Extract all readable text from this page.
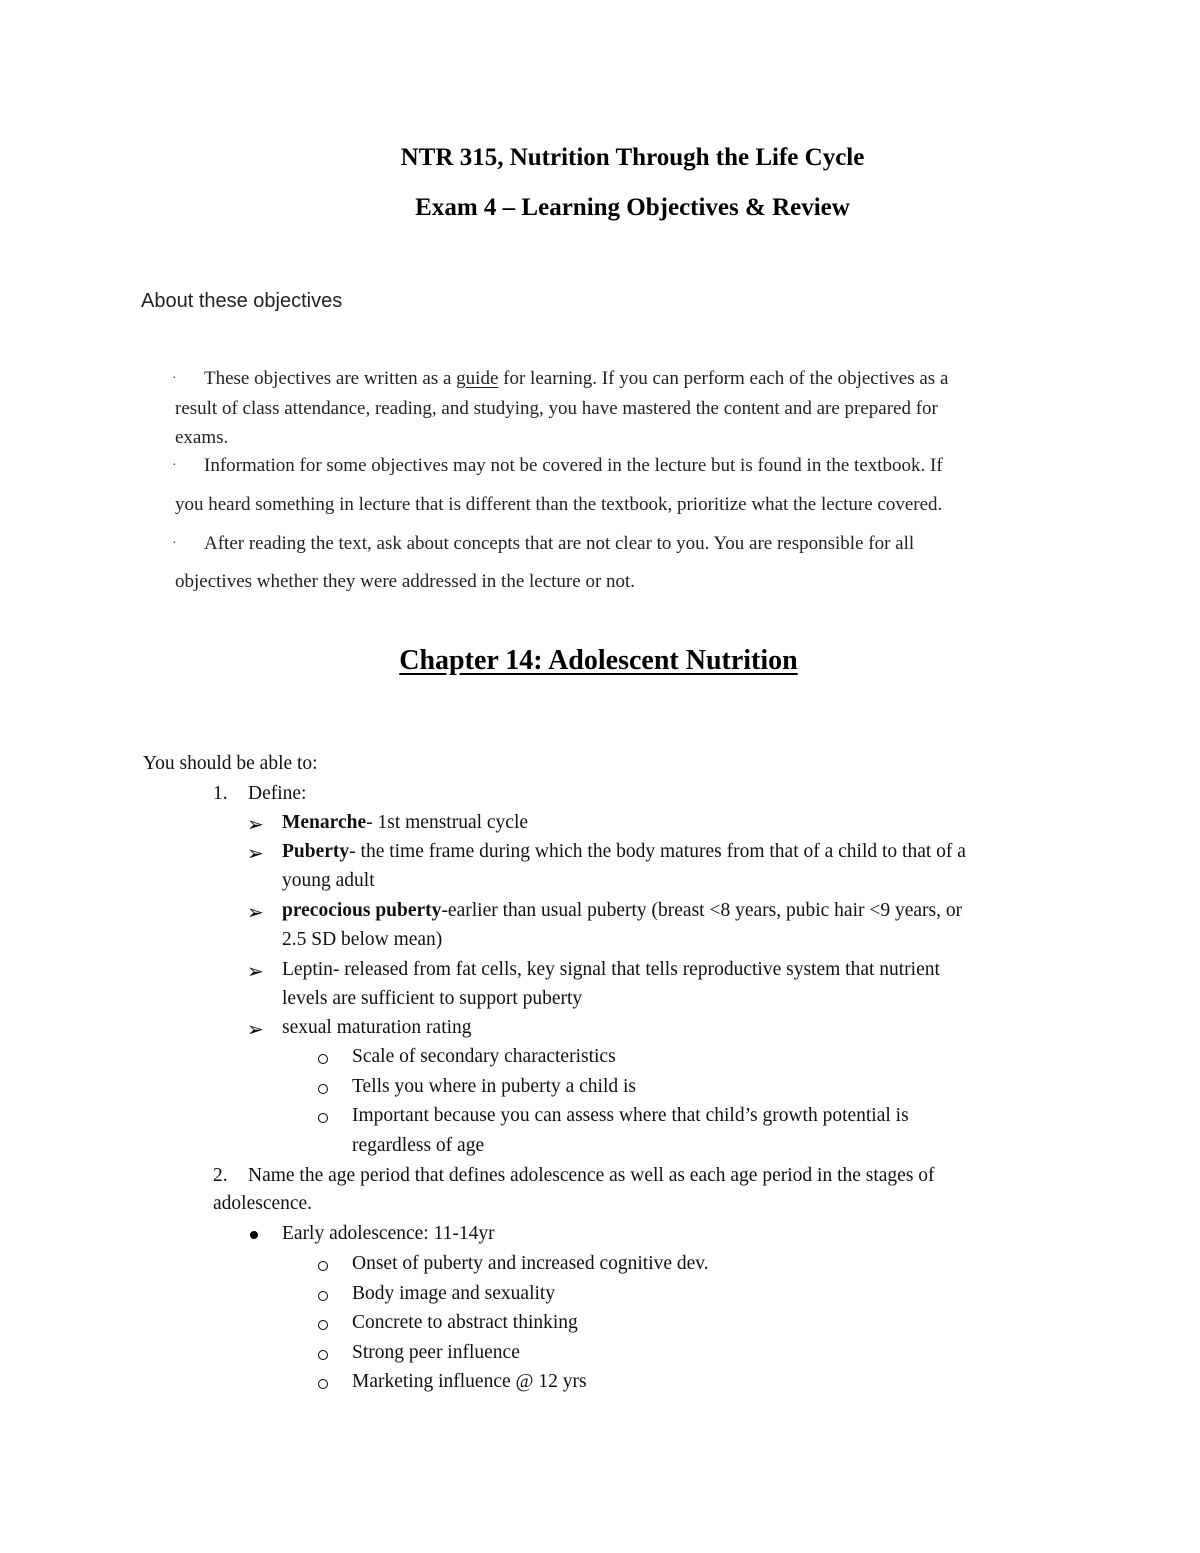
NTR 315, Nutrition Through the Life Cycle
Exam 4 – Learning Objectives & Review
About these objectives
· These objectives are written as a guide for learning. If you can perform each of the objectives as a
result of class attendance, reading, and studying, you have mastered the content and are prepared for
exams.
· Information for some objectives may not be covered in the lecture but is found in the textbook. If
you heard something in lecture that is different than the textbook, prioritize what the lecture covered.
· After reading the text, ask about concepts that are not clear to you. You are responsible for all
objectives whether they were addressed in the lecture or not.
Chapter 14: Adolescent Nutrition
You should be able to:
1. Define:
➢ Menarche- 1st menstrual cycle
➢ Puberty- the time frame during which the body matures from that of a child to that of a
young adult
➢ precocious puberty-earlier than usual puberty (breast <8 years, pubic hair <9 years, or
2.5 SD below mean)
➢ Leptin- released from fat cells, key signal that tells reproductive system that nutrient
levels are sufficient to support puberty
➢ sexual maturation rating
Scale of secondary characteristics
Tells you where in puberty a child is
Important because you can assess where that child’s growth potential is
regardless of age
2. Name the age period that defines adolescence as well as each age period in the stages of
adolescence.
Early adolescence: 11-14yr
Onset of puberty and increased cognitive dev.
Body image and sexuality
Concrete to abstract thinking
Strong peer influence
Marketing influence @ 12 yrs
